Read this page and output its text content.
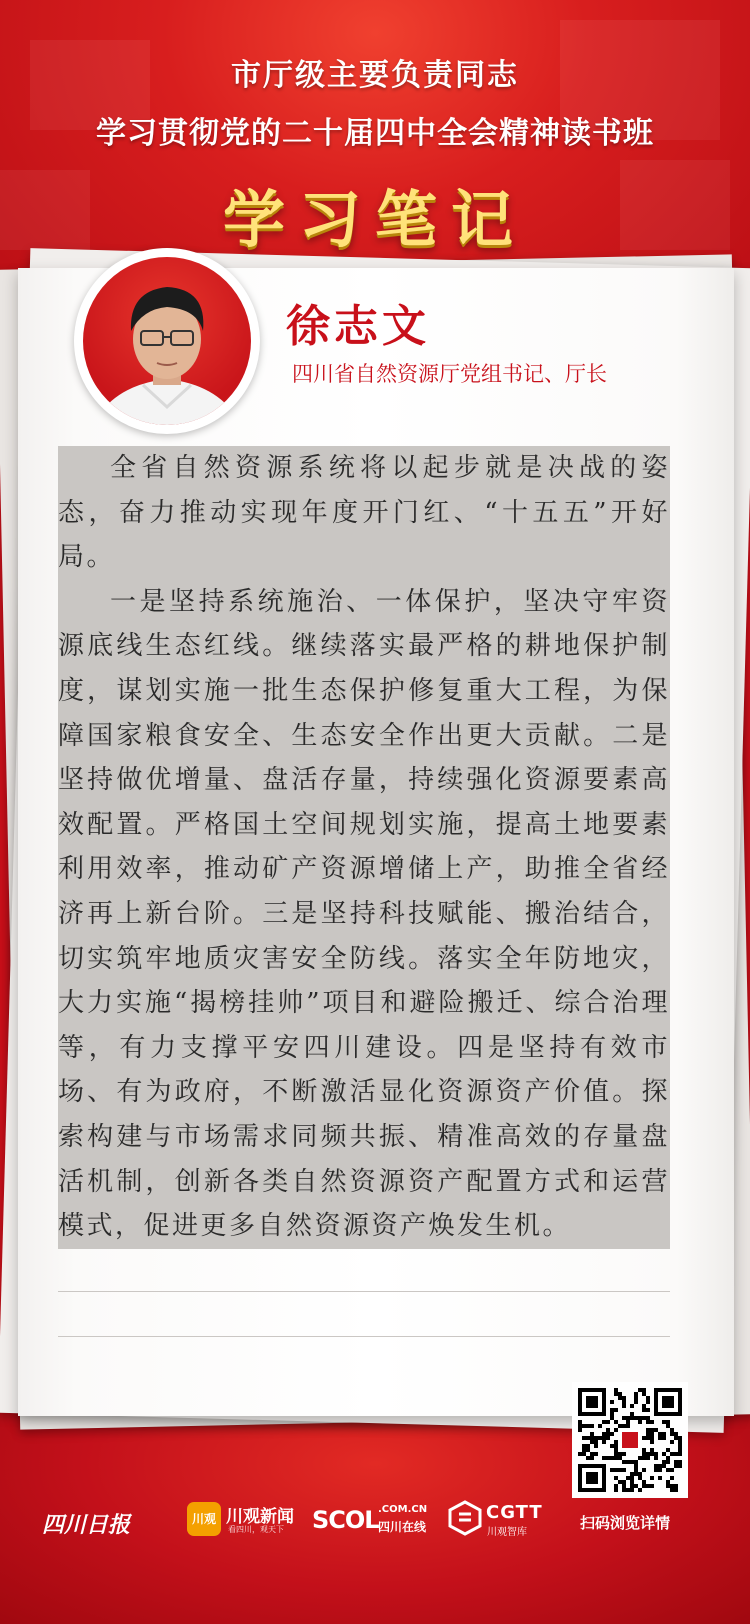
市厅级主要负责同志
学习贯彻党的二十届四中全会精神读书班
学习笔记
徐志文
四川省自然资源厅党组书记、厅长

全省自然资源系统将以起步就是决战的姿态，奋力推动实现年度开门红、“十五五”开好局。

一是坚持系统施治、一体保护，坚决守牢资源底线生态红线。继续落实最严格的耕地保护制度，谋划实施一批生态保护修复重大工程，为保障国家粮食安全、生态安全作出更大贡献。二是坚持做优增量、盘活存量，持续强化资源要素高效配置。严格国土空间规划实施，提高土地要素利用效率，推动矿产资源增储上产，助推全省经济再上新台阶。三是坚持科技赋能、搬治结合，切实筑牢地质灾害安全防线。落实全年防地灾，大力实施“揭榜挂帅”项目和避险搬迁、综合治理等，有力支撑平安四川建设。四是坚持有效市场、有为政府，不断激活显化资源资产价值。探索构建与市场需求同频共振、精准高效的存量盘活机制，创新各类自然资源资产配置方式和运营模式，促进更多自然资源资产焕发生机。

四川日报	川观 川观新闻
看四川，观天下 SCOL .COM.CN
四川在线
CGTT
川观智库
扫码浏览详情
